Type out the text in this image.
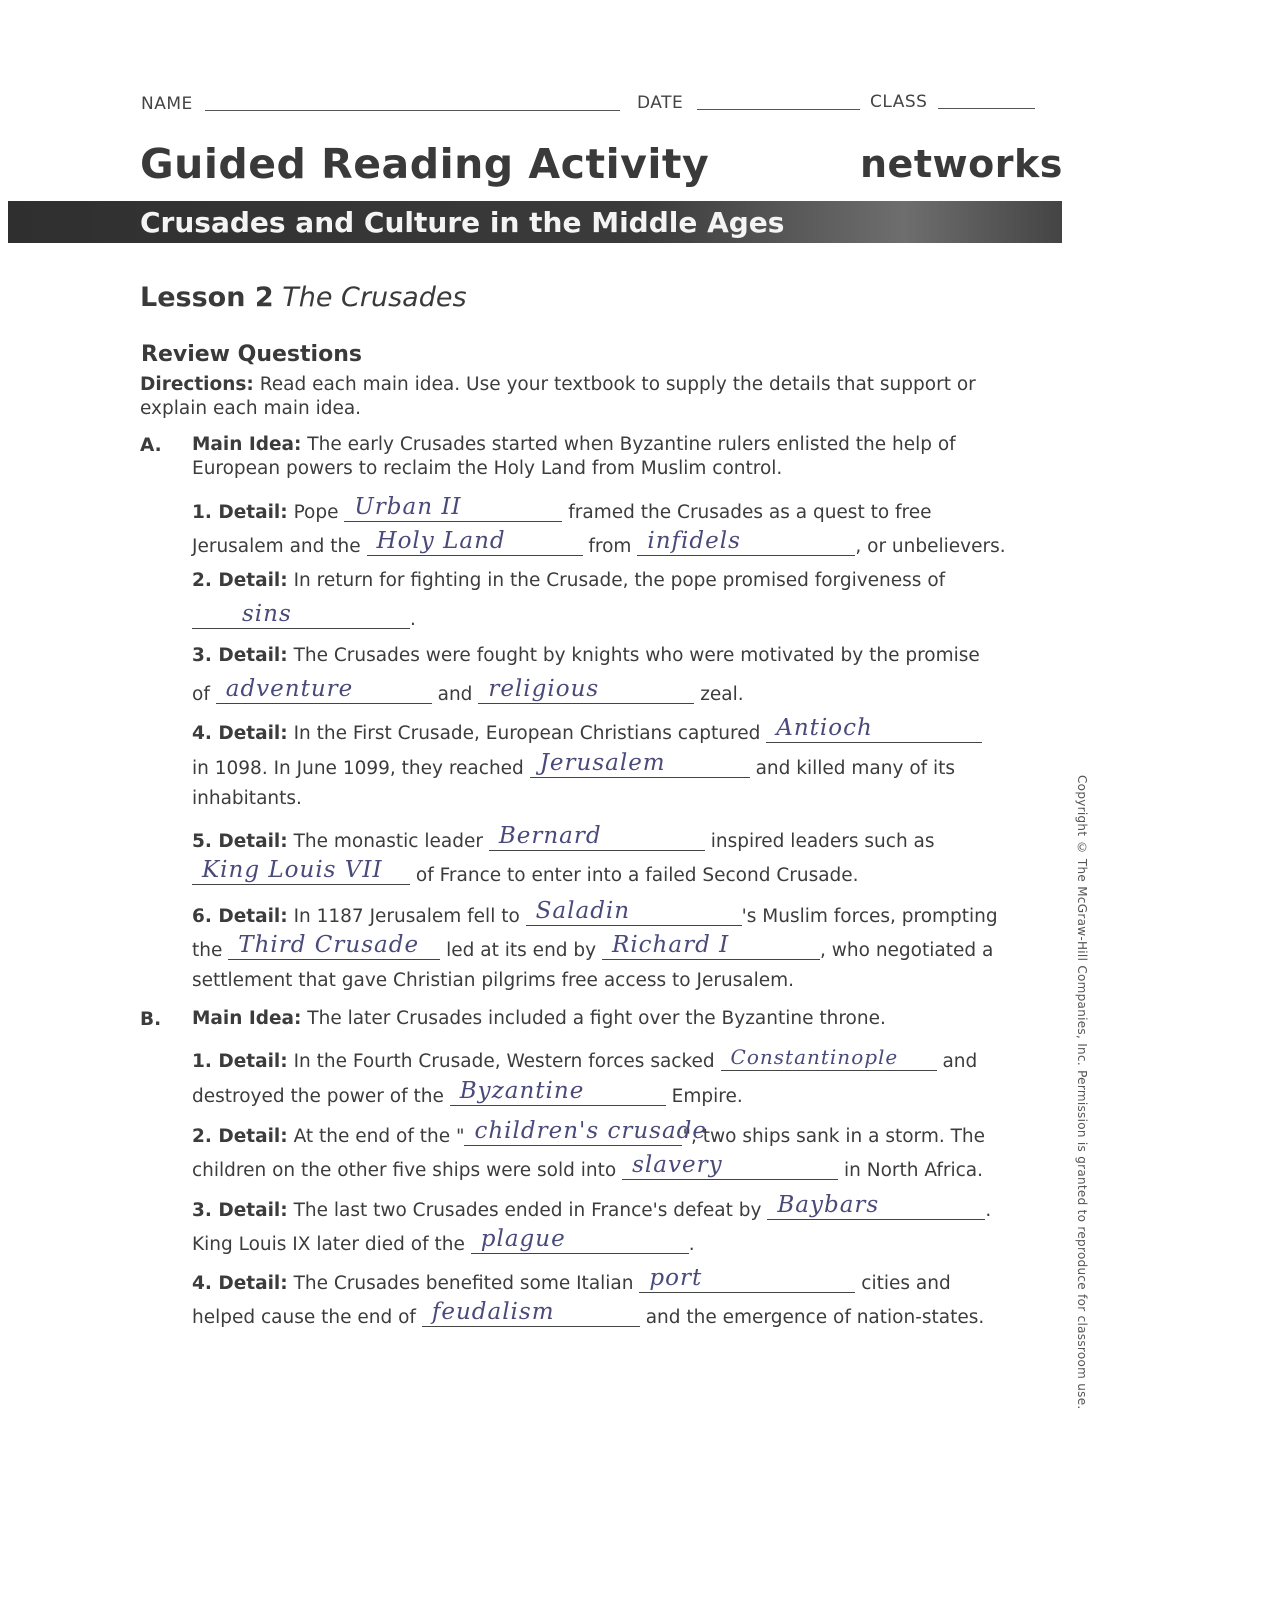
NAME	DATE	CLASS
Guided Reading Activity	networks
Crusades and Culture in the Middle Ages
Lesson 2 The Crusades
Review Questions
Directions: Read each main idea. Use your textbook to supply the details that support or
explain each main idea.
A. Main Idea: The early Crusades started when Byzantine rulers enlisted the help of
European powers to reclaim the Holy Land from Muslim control.
1. Detail: Pope Urban II	framed the Crusades as a quest to free
Jerusalem and the Holy Land	from infidels	, or unbelievers.
2. Detail: In return for fighting in the Crusade, the pope promised forgiveness of
sins	.
3. Detail: The Crusades were fought by knights who were motivated by the promise
of adventure	and religious	zeal.
4. Detail: In the First Crusade, European Christians captured Antioch
in 1098. In June 1099, they reached Jerusalem	and killed many of its
inhabitants.
5. Detail: The monastic leader Bernard	inspired leaders such as
King Louis VII of France to enter into a failed Second Crusade.
6. Detail: In 1187 Jerusalem fell to Saladin	's Muslim forces, prompting
the Third Crusade led at its end by Richard I	, who negotiated a
settlement that gave Christian pilgrims free access to Jerusalem.
B. Main Idea: The later Crusades included a fight over the Byzantine throne.
1. Detail: In the Fourth Crusade, Western forces sacked Constantinople and
destroyed the power of the Byzantine	Empire.
2. Detail: At the end of the " children's crusade
", two ships sank in a storm. The
children on the other five ships were sold into slavery	in North Africa.
3. Detail: The last two Crusades ended in France's defeat by Baybars	.
King Louis IX later died of the plague	.
4. Detail: The Crusades benefited some Italian port	cities and
helped cause the end of feudalism	and the emergence of nation-states.	Copyright © The McGraw-Hill Companies, Inc. Permission is granted to reproduce for classroom use.
